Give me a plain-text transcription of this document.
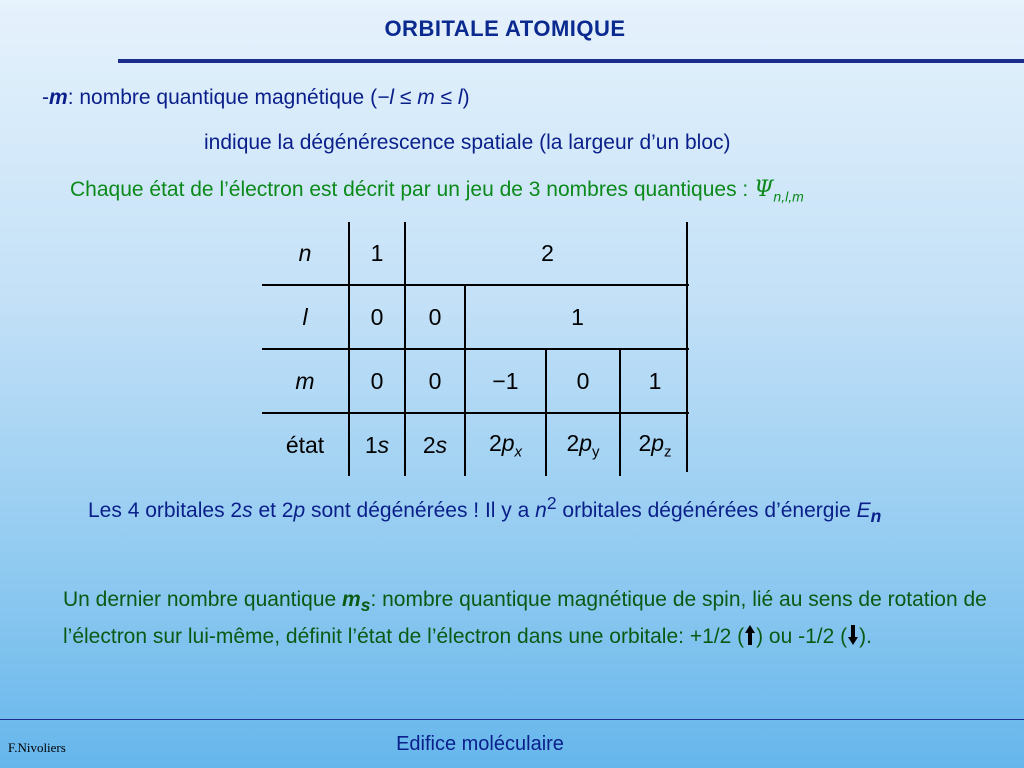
ORBITALE ATOMIQUE
-m: nombre quantique magnétique (−l ≤ m ≤ l)
indique la dégénérescence spatiale (la largeur d’un bloc)
Chaque état de l’électron est décrit par un jeu de 3 nombres quantiques : $\Psi_{n,l,m}$
n	1	2			
l	0	0	1		
m	0	0	−1	0	1
état	1s	2s	$2p_x$	$2p_y$	$2p_z$
Les 4 orbitales 2s et 2p sont dégénérées ! Il y a $n^2$ orbitales dégénérées d’énergie $E_n$
Un dernier nombre quantique $m_s$: nombre quantique magnétique de spin, lié au sens de rotation de l’électron sur lui-même, définit l’état de l’électron dans une orbitale: +1/2 ( ) ou -1/2 ( ).
F.Nivoliers	Edifice moléculaire
